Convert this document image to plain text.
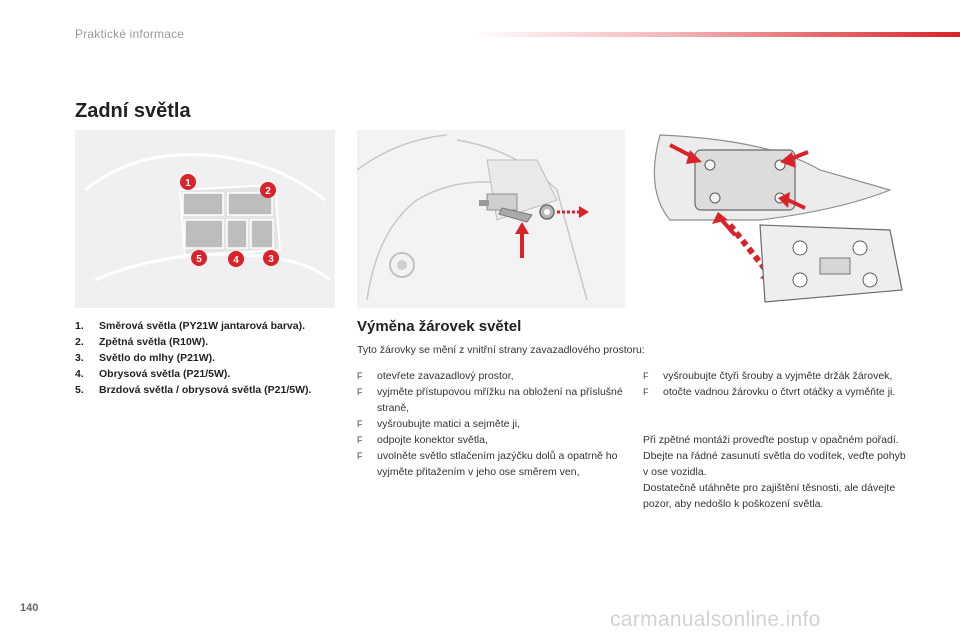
Praktické informace
Zadní světla
1
2
3
4
5
1.	Směrová světla (PY21W jantarová barva).
2.	Zpětná světla (R10W).
3.	Světlo do mlhy (P21W).
4.	Obrysová světla (P21/5W).
5.	Brzdová světla / obrysová světla (P21/5W).
Výměna žárovek světel
Tyto žárovky se mění z vnitřní strany zavazadlového prostoru:
F	otevřete zavazadlový prostor,
F	vyjměte přístupovou mřížku na obložení na příslušné straně,
F	vyšroubujte matici a sejměte ji,
F	odpojte konektor světla,
F	uvolněte světlo stlačením jazýčku dolů a opatrně ho vyjměte přitažením v jeho ose směrem ven,
F	vyšroubujte čtyři šrouby a vyjměte držák žárovek,
F	otočte vadnou žárovku o čtvrt otáčky a vyměňte ji.

Při zpětné montáži proveďte postup v opačném pořadí.

Dbejte na řádné zasunutí světla do vodítek, veďte pohyb v ose vozidla.

Dostatečně utáhněte pro zajištění těsnosti, ale dávejte pozor, aby nedošlo k poškození světla.

140	carmanualsonline.info
